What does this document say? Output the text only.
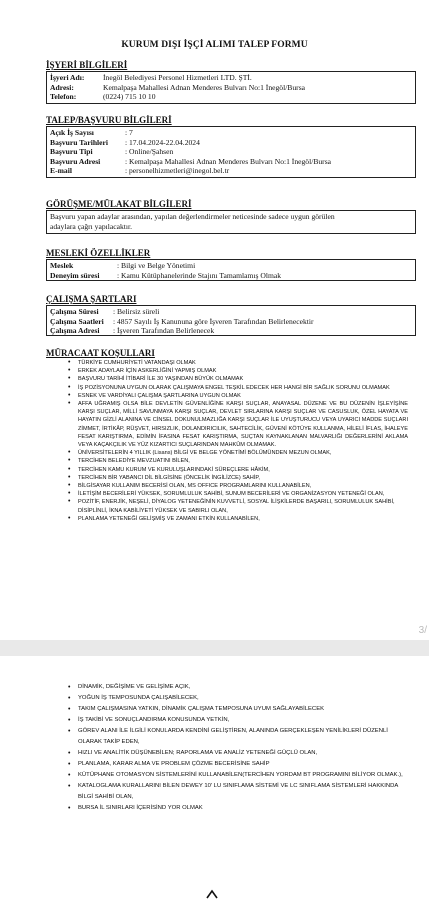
KURUM DIŞI İŞÇİ ALIMI TALEP FORMU
İŞYERİ BİLGİLERİ
İşyeri Adı: İnegöl Belediyesi Personel Hizmetleri LTD. ŞTİ.
Adresi:	Kemalpaşa Mahallesi Adnan Menderes Bulvarı No:1 İnegöl/Bursa
Telefon:	(0224) 715 10 10
TALEP/BAŞVURU BİLGİLERİ
Açık İş Sayısı	: 7
Başvuru Tarihleri : 17.04.2024-22.04.2024
Başvuru Tipi	: Online/Şahsen
Başvuru Adresi	: Kemalpaşa Mahallesi Adnan Menderes Bulvarı No:1 İnegöl/Bursa
E-mail	: personelhizmetleri@inegol.bel.tr
GÖRÜŞME/MÜLAKAT BİLGİLERİ
Başvuru yapan adaylar arasından, yapılan değerlendirmeler neticesinde sadece uygun görülen
adaylara çağrı yapılacaktır.
MESLEKİ ÖZELLİKLER
Meslek	: Bilgi ve Belge Yönetimi
Deneyim süresi : Kamu Kütüphanelerinde Stajını Tamamlamış Olmak
ÇALIŞMA ŞARTLARI
Çalışma Süresi : Belirsiz süreli
Çalışma Saatleri : 4857 Sayılı İş Kanununa göre İşveren Tarafından Belirlenecektir
Çalışma Adresi : İşveren Tarafından Belirlenecek
MÜRACAAT KOŞULLARI
• TÜRKİYE CUMHURİYETİ VATANDAŞI OLMAK
• ERKEK ADAYLAR İÇİN ASKERLİĞİNİ YAPMIŞ OLMAK
• BAŞVURU TARİHİ İTİBARİ İLE 30 YAŞINDAN BÜYÜK OLMAMAK
• İŞ POZİSYONUNA UYGUN OLARAK ÇALIŞMAYA ENGEL TEŞKİL EDECEK HER HANGİ BİR SAĞLIK SORUNU OLMAMAK
• ESNEK VE VARDİYALI ÇALIŞMA ŞARTLARINA UYGUN OLMAK
• AFFA UĞRAMIŞ OLSA BİLE DEVLETİN GÜVENLİĞİNE KARŞI SUÇLAR, ANAYASAL DÜZENE VE BU DÜZENİN İŞLEYİŞİNE KARŞI SUÇLAR, MİLLİ SAVUNMAYA KARŞI SUÇLAR, DEVLET SIRLARINA KARŞI SUÇLAR VE CASUSLUK, ÖZEL HAYATA VE HAYATIN GİZLİ ALANINA VE CİNSEL DOKUNULMAZLIĞA KARŞI SUÇLAR İLE UYUŞTURUCU VEYA UYARICI MADDE SUÇLARI ZİMMET, İRTİKÂP, RÜŞVET, HIRSIZLIK, DOLANDIRICILIK, SAHTECİLİK, GÜVENİ KÖTÜYE KULLANMA, HİLELİ İFLAS, İHALEYE FESAT KARIŞTIRMA, EDİMİN İFASINA FESAT KARIŞTIRMA, SUÇTAN KAYNAKLANAN MALVARLIĞI DEĞERLERİNİ AKLAMA VEYA KAÇAKÇILIK VE YÜZ KIZARTICI SUÇLARINDAN MAHKÛM OLMAMAK.
• ÜNİVERSİTELERİN 4 YILLIK (Lisans) BİLGİ VE BELGE YÖNETİMİ BÖLÜMÜNDEN MEZUN OLMAK,
• TERCİHEN BELEDİYE MEVZUATINI BİLEN,
• TERCİHEN KAMU KURUM VE KURULUŞLARINDAKİ SÜREÇLERE HÂKİM,
• TERCİHEN BİR YABANCI DİL BİLGİSİNE (ÖNCELİK İNGİLİZCE) SAHİP,
• BİLGİSAYAR KULLANIM BECERİSİ OLAN, MS OFFICE PROGRAMLARINI KULLANABİLEN,
• İLETİŞİM BECERİLERİ YÜKSEK, SORUMLULUK SAHİBİ, SUNUM BECERİLERİ VE ORGANİZASYON YETENEĞİ OLAN,
• POZİTİF, ENERJİK, NEŞELİ, DİYALOG YETENEĞİNİN KUVVETLİ, SOSYAL İLİŞKİLERDE BAŞARILI, SORUMLULUK SAHİBİ, DİSİPLİNLİ, İKNA KABİLİYETİ YÜKSEK VE SABIRLI OLAN,
• PLANLAMA YETENEĞİ GELİŞMİŞ VE ZAMANI ETKİN KULLANABİLEN,
3/
• DİNAMİK, DEĞİŞİME VE GELİŞİME AÇIK,
• YOĞUN İŞ TEMPOSUNDA ÇALIŞABİLECEK,
• TAKIM ÇALIŞMASINA YATKIN, DİNAMİK ÇALIŞMA TEMPOSUNA UYUM SAĞLAYABİLECEK
• İŞ TAKİBİ VE SONUÇLANDIRMA KONUSUNDA YETKİN,
• GÖREV ALANI İLE İLGİLİ KONULARDA KENDİNİ GELİŞTİREN, ALANINDA GERÇEKLEŞEN YENİLİKLERİ DÜZENLİ OLARAK TAKİP EDEN,
• HIZLI VE ANALİTİK DÜŞÜNEBİLEN; RAPORLAMA VE ANALİZ YETENEĞİ GÜÇLÜ OLAN,
• PLANLAMA, KARAR ALMA VE PROBLEM ÇÖZME BECERİSİNE SAHİP
• KÜTÜPHANE OTOMASYON SİSTEMLERİNİ KULLANABİLEN(TERCİHEN YORDAM BT PROGRAMINI BİLİYOR OLMAK.),
• KATALOGLAMA KURALLARINI BİLEN DEWEY 10' LU SINIFLAMA SİSTEMİ VE LC SINIFLAMA SİSTEMLERİ HAKKINDA BİLGİ SAHİBİ OLAN,
• BURSA İL SINIRLARI İÇERİSİND YOR OLMAK
